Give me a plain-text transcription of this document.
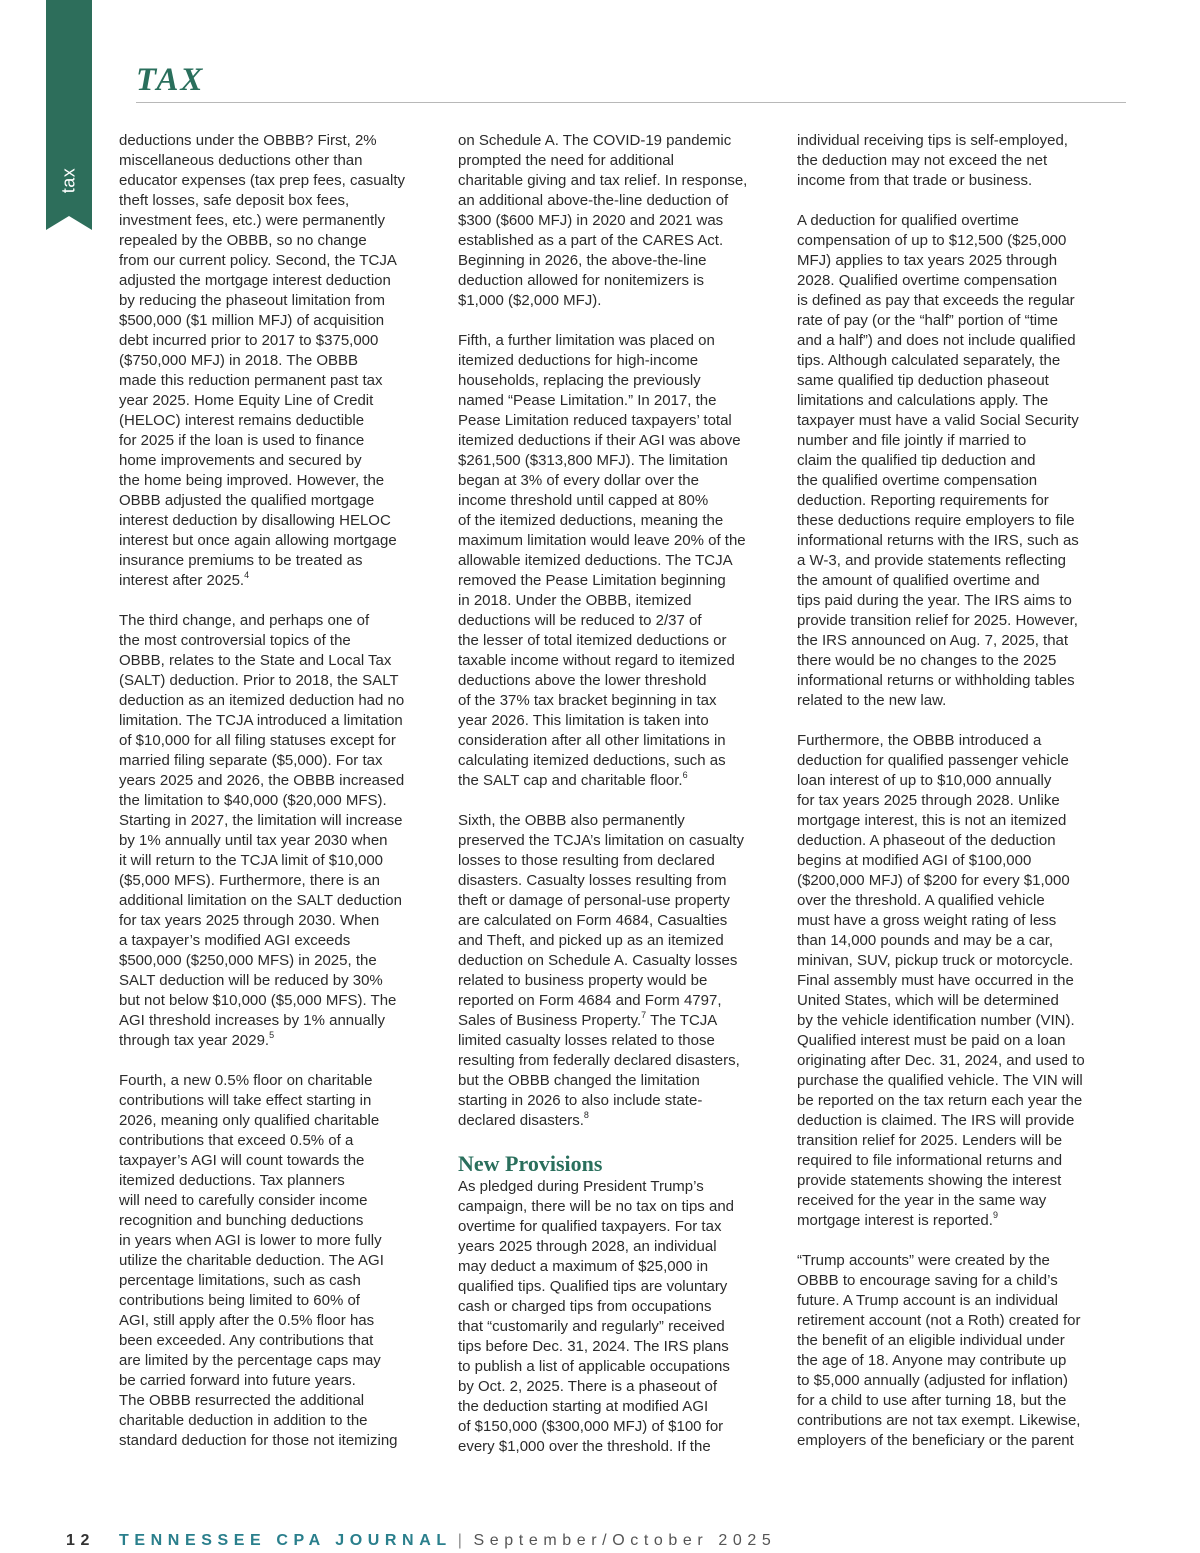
tax
TAX

deductions under the OBBB? First, 2%
miscellaneous deductions other than
educator expenses (tax prep fees, casualty
theft losses, safe deposit box fees,
investment fees, etc.) were permanently
repealed by the OBBB, so no change
from our current policy. Second, the TCJA
adjusted the mortgage interest deduction
by reducing the phaseout limitation from
$500,000 ($1 million MFJ) of acquisition
debt incurred prior to 2017 to $375,000
($750,000 MFJ) in 2018. The OBBB
made this reduction permanent past tax
year 2025. Home Equity Line of Credit
(HELOC) interest remains deductible
for 2025 if the loan is used to finance
home improvements and secured by
the home being improved. However, the
OBBB adjusted the qualified mortgage
interest deduction by disallowing HELOC
interest but once again allowing mortgage
insurance premiums to be treated as
interest after 2025.$^4$

The third change, and perhaps one of
the most controversial topics of the
OBBB, relates to the State and Local Tax
(SALT) deduction. Prior to 2018, the SALT
deduction as an itemized deduction had no
limitation. The TCJA introduced a limitation
of $10,000 for all filing statuses except for
married filing separate ($5,000). For tax
years 2025 and 2026, the OBBB increased
the limitation to $40,000 ($20,000 MFS).
Starting in 2027, the limitation will increase
by 1% annually until tax year 2030 when
it will return to the TCJA limit of $10,000
($5,000 MFS). Furthermore, there is an
additional limitation on the SALT deduction
for tax years 2025 through 2030. When
a taxpayer’s modified AGI exceeds
$500,000 ($250,000 MFS) in 2025, the
SALT deduction will be reduced by 30%
but not below $10,000 ($5,000 MFS). The
AGI threshold increases by 1% annually
through tax year 2029.$^5$

Fourth, a new 0.5% floor on charitable
contributions will take effect starting in
2026, meaning only qualified charitable
contributions that exceed 0.5% of a
taxpayer’s AGI will count towards the
itemized deductions. Tax planners
will need to carefully consider income
recognition and bunching deductions
in years when AGI is lower to more fully
utilize the charitable deduction. The AGI
percentage limitations, such as cash
contributions being limited to 60% of
AGI, still apply after the 0.5% floor has
been exceeded. Any contributions that
are limited by the percentage caps may
be carried forward into future years.
The OBBB resurrected the additional
charitable deduction in addition to the
standard deduction for those not itemizing

on Schedule A. The COVID-19 pandemic
prompted the need for additional
charitable giving and tax relief. In response,
an additional above-the-line deduction of
$300 ($600 MFJ) in 2020 and 2021 was
established as a part of the CARES Act.
Beginning in 2026, the above-the-line
deduction allowed for nonitemizers is
$1,000 ($2,000 MFJ).

Fifth, a further limitation was placed on
itemized deductions for high-income
households, replacing the previously
named “Pease Limitation.” In 2017, the
Pease Limitation reduced taxpayers’ total
itemized deductions if their AGI was above
$261,500 ($313,800 MFJ). The limitation
began at 3% of every dollar over the
income threshold until capped at 80%
of the itemized deductions, meaning the
maximum limitation would leave 20% of the
allowable itemized deductions. The TCJA
removed the Pease Limitation beginning
in 2018. Under the OBBB, itemized
deductions will be reduced to 2/37 of
the lesser of total itemized deductions or
taxable income without regard to itemized
deductions above the lower threshold
of the 37% tax bracket beginning in tax
year 2026. This limitation is taken into
consideration after all other limitations in
calculating itemized deductions, such as
the SALT cap and charitable floor.$^6$

Sixth, the OBBB also permanently
preserved the TCJA’s limitation on casualty
losses to those resulting from declared
disasters. Casualty losses resulting from
theft or damage of personal-use property
are calculated on Form 4684, Casualties
and Theft, and picked up as an itemized
deduction on Schedule A. Casualty losses
related to business property would be
reported on Form 4684 and Form 4797,
Sales of Business Property.$^7$ The TCJA
limited casualty losses related to those
resulting from federally declared disasters,
but the OBBB changed the limitation
starting in 2026 to also include state-
declared disasters.$^8$

New Provisions

As pledged during President Trump’s
campaign, there will be no tax on tips and
overtime for qualified taxpayers. For tax
years 2025 through 2028, an individual
may deduct a maximum of $25,000 in
qualified tips. Qualified tips are voluntary
cash or charged tips from occupations
that “customarily and regularly” received
tips before Dec. 31, 2024. The IRS plans
to publish a list of applicable occupations
by Oct. 2, 2025. There is a phaseout of
the deduction starting at modified AGI
of $150,000 ($300,000 MFJ) of $100 for
every $1,000 over the threshold. If the

individual receiving tips is self-employed,
the deduction may not exceed the net
income from that trade or business.

A deduction for qualified overtime
compensation of up to $12,500 ($25,000
MFJ) applies to tax years 2025 through
2028. Qualified overtime compensation
is defined as pay that exceeds the regular
rate of pay (or the “half” portion of “time
and a half”) and does not include qualified
tips. Although calculated separately, the
same qualified tip deduction phaseout
limitations and calculations apply. The
taxpayer must have a valid Social Security
number and file jointly if married to
claim the qualified tip deduction and
the qualified overtime compensation
deduction. Reporting requirements for
these deductions require employers to file
informational returns with the IRS, such as
a W-3, and provide statements reflecting
the amount of qualified overtime and
tips paid during the year. The IRS aims to
provide transition relief for 2025. However,
the IRS announced on Aug. 7, 2025, that
there would be no changes to the 2025
informational returns or withholding tables
related to the new law.

Furthermore, the OBBB introduced a
deduction for qualified passenger vehicle
loan interest of up to $10,000 annually
for tax years 2025 through 2028. Unlike
mortgage interest, this is not an itemized
deduction. A phaseout of the deduction
begins at modified AGI of $100,000
($200,000 MFJ) of $200 for every $1,000
over the threshold. A qualified vehicle
must have a gross weight rating of less
than 14,000 pounds and may be a car,
minivan, SUV, pickup truck or motorcycle.
Final assembly must have occurred in the
United States, which will be determined
by the vehicle identification number (VIN).
Qualified interest must be paid on a loan
originating after Dec. 31, 2024, and used to
purchase the qualified vehicle. The VIN will
be reported on the tax return each year the
deduction is claimed. The IRS will provide
transition relief for 2025. Lenders will be
required to file informational returns and
provide statements showing the interest
received for the year in the same way
mortgage interest is reported.$^9$

“Trump accounts” were created by the
OBBB to encourage saving for a child’s
future. A Trump account is an individual
retirement account (not a Roth) created for
the benefit of an eligible individual under
the age of 18. Anyone may contribute up
to $5,000 annually (adjusted for inflation)
for a child to use after turning 18, but the
contributions are not tax exempt. Likewise,
employers of the beneficiary or the parent

12 TENNESSEE CPA JOURNAL | September/October 2025
